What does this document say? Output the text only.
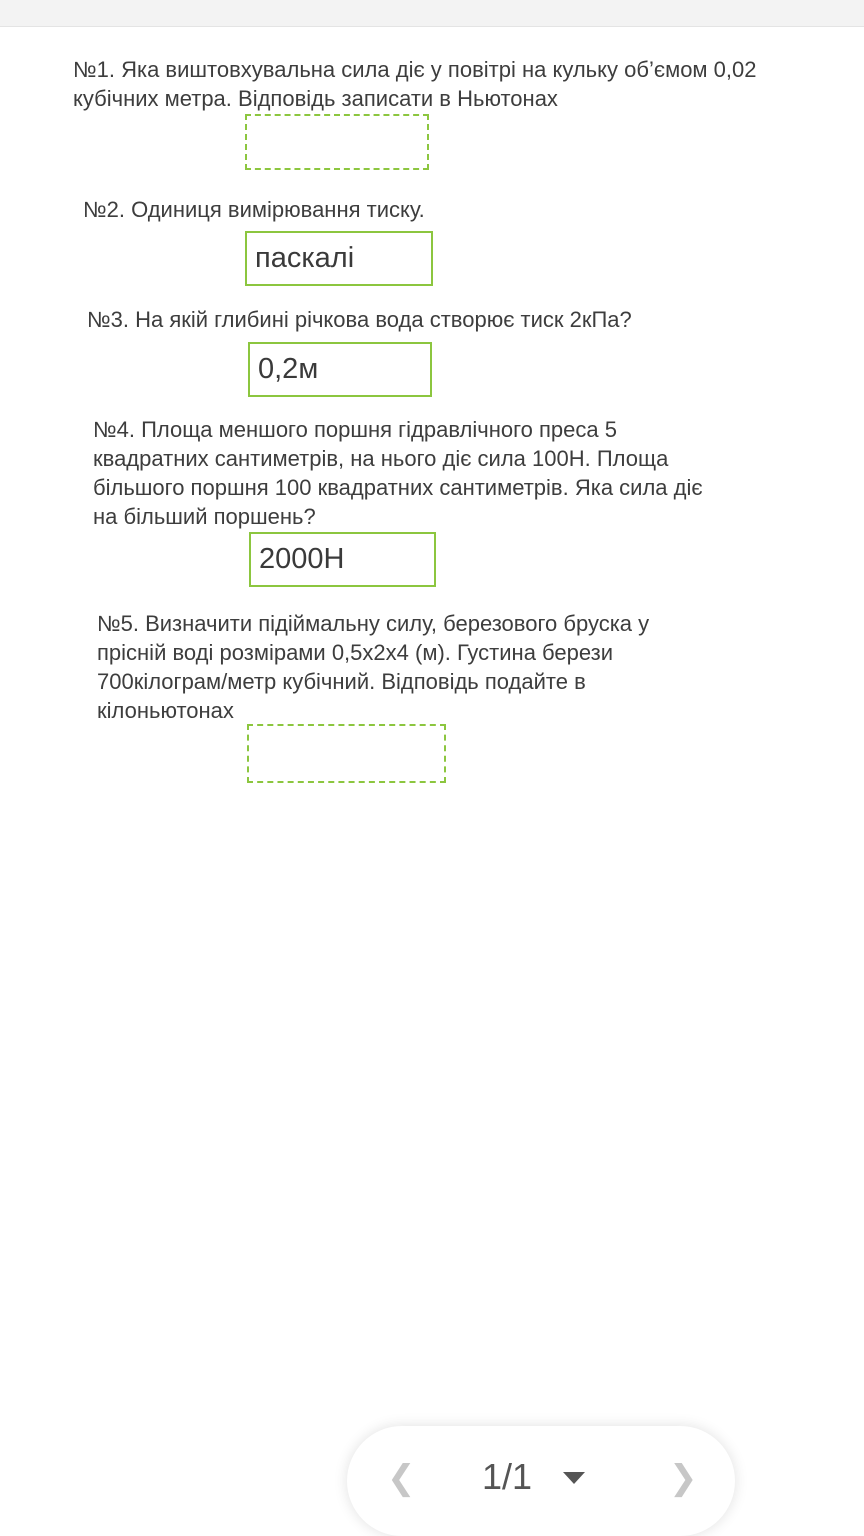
№1. Яка виштовхувальна сила діє у повітрі на кульку об’ємом 0,02 кубічних метра. Відповідь записати в Ньютонах

№2. Одиниця вимірювання тиску.

паскалі

№3. На якій глибині річкова вода створює тиск 2кПа?

0,2м

№4. Площа меншого поршня гідравлічного преса 5 квадратних сантиметрів, на нього діє сила 100Н. Площа більшого поршня 100 квадратних сантиметрів. Яка сила діє на більший поршень?

2000Н

№5. Визначити підіймальну силу, березового бруска у прісній воді розмірами 0,5х2х4 (м). Густина берези 700кілограм/метр кубічний. Відповідь подайте в кілоньютонах

❮ 1/1	❯
